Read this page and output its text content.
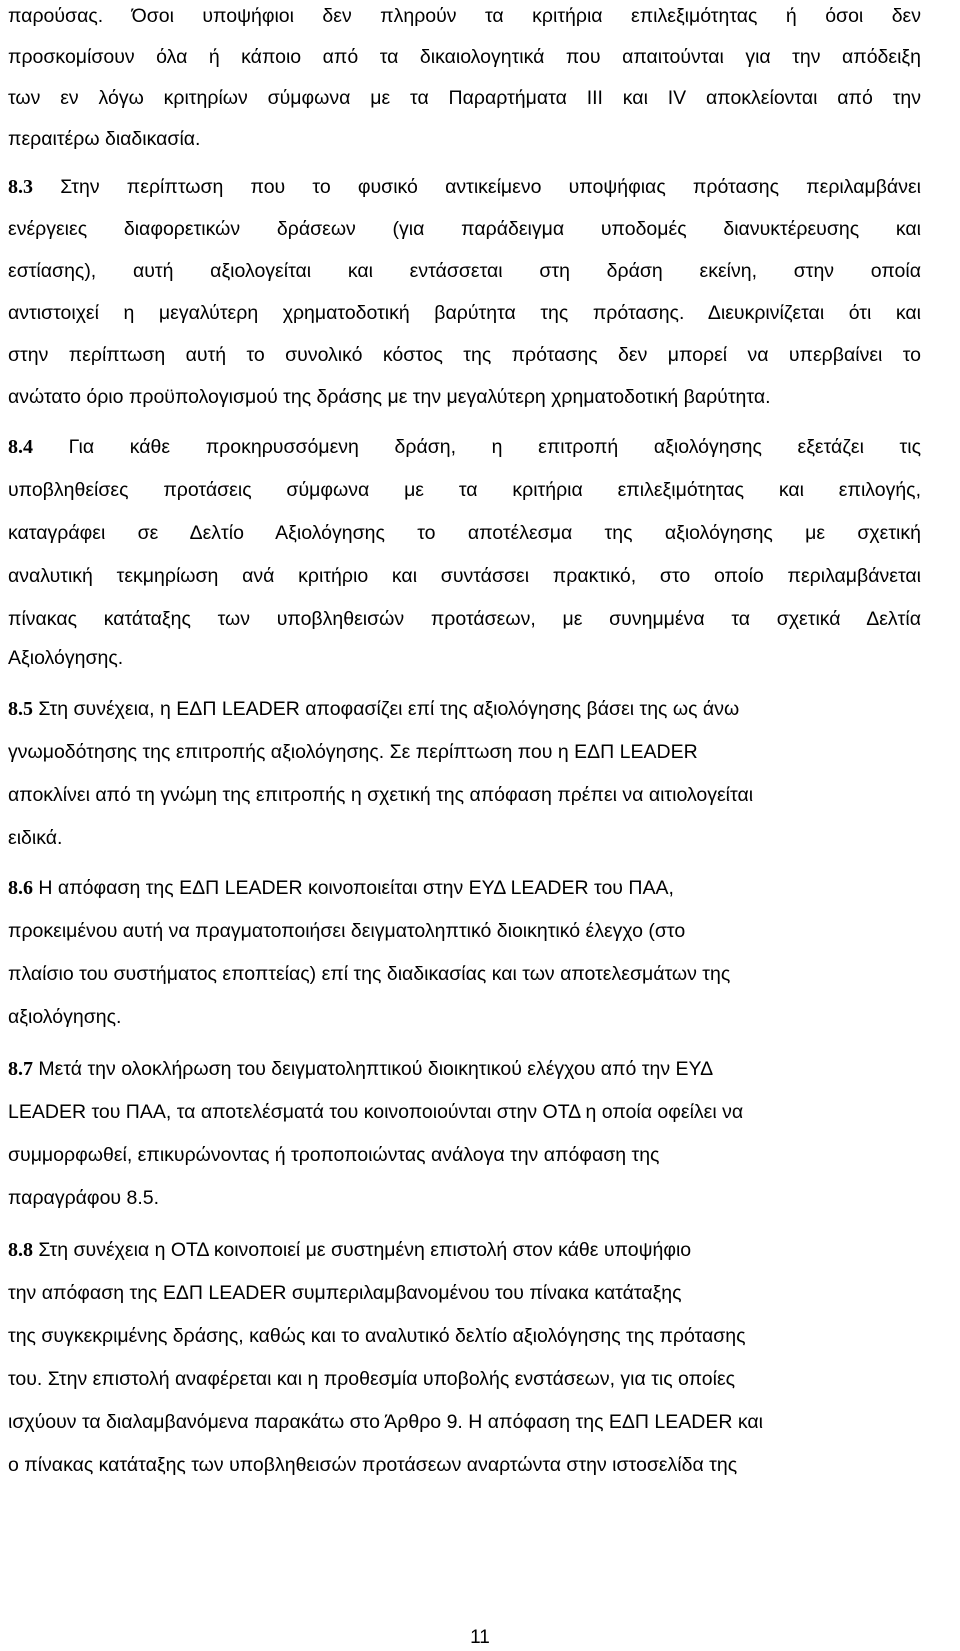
παρούσας. Όσοι υποψήφιοι δεν πληρούν τα κριτήρια επιλεξιμότητας ή όσοι δεν
προσκομίσουν όλα ή κάποιο από τα δικαιολογητικά που απαιτούνται για την απόδειξη
των εν λόγω κριτηρίων σύμφωνα με τα Παραρτήματα ΙΙΙ και ΙV αποκλείονται από την
περαιτέρω διαδικασία.
8.3 Στην περίπτωση που το φυσικό αντικείμενο υποψήφιας πρότασης περιλαμβάνει
ενέργειες διαφορετικών δράσεων (για παράδειγμα υποδομές διανυκτέρευσης και
εστίασης), αυτή αξιολογείται και εντάσσεται στη δράση εκείνη, στην οποία
αντιστοιχεί η μεγαλύτερη χρηματοδοτική βαρύτητα της πρότασης. Διευκρινίζεται ότι και
στην περίπτωση αυτή το συνολικό κόστος της πρότασης δεν μπορεί να υπερβαίνει το
ανώτατο όριο προϋπολογισμού της δράσης με την μεγαλύτερη χρηματοδοτική βαρύτητα.
8.4 Για κάθε προκηρυσσόμενη δράση, η επιτροπή αξιολόγησης εξετάζει τις
υποβληθείσες προτάσεις σύμφωνα με τα κριτήρια επιλεξιμότητας και επιλογής,
καταγράφει σε Δελτίο Αξιολόγησης το αποτέλεσμα της αξιολόγησης με σχετική
αναλυτική τεκμηρίωση ανά κριτήριο και συντάσσει πρακτικό, στο οποίο περιλαμβάνεται
πίνακας κατάταξης των υποβληθεισών προτάσεων, με συνημμένα τα σχετικά Δελτία
Αξιολόγησης.
8.5 Στη συνέχεια, η ΕΔΠ LEADER αποφασίζει επί της αξιολόγησης βάσει της ως άνω
γνωμοδότησης της επιτροπής αξιολόγησης. Σε περίπτωση που η ΕΔΠ LEADER
αποκλίνει από τη γνώμη της επιτροπής η σχετική της απόφαση πρέπει να αιτιολογείται
ειδικά.
8.6 Η απόφαση της ΕΔΠ LEADER κοινοποιείται στην ΕΥΔ LEADER του ΠΑΑ,
προκειμένου αυτή να πραγματοποιήσει δειγματοληπτικό διοικητικό έλεγχο (στο
πλαίσιο του συστήματος εποπτείας) επί της διαδικασίας και των αποτελεσμάτων της
αξιολόγησης.
8.7 Μετά την ολοκλήρωση του δειγματοληπτικού διοικητικού ελέγχου από την ΕΥΔ
LEADER του ΠΑΑ, τα αποτελέσματά του κοινοποιούνται στην ΟΤΔ η οποία οφείλει να
συμμορφωθεί, επικυρώνοντας ή τροποποιώντας ανάλογα την απόφαση της
παραγράφου 8.5.
8.8 Στη συνέχεια η ΟΤΔ κοινοποιεί με συστημένη επιστολή στον κάθε υποψήφιο
την απόφαση της ΕΔΠ LEADER συμπεριλαμβανομένου του πίνακα κατάταξης
της συγκεκριμένης δράσης, καθώς και το αναλυτικό δελτίο αξιολόγησης της πρότασης
του. Στην επιστολή αναφέρεται και η προθεσμία υποβολής ενστάσεων, για τις οποίες
ισχύουν τα διαλαμβανόμενα παρακάτω στο Άρθρο 9. Η απόφαση της ΕΔΠ LEADER και
ο πίνακας κατάταξης των υποβληθεισών προτάσεων αναρτώντα στην ιστοσελίδα της
11
